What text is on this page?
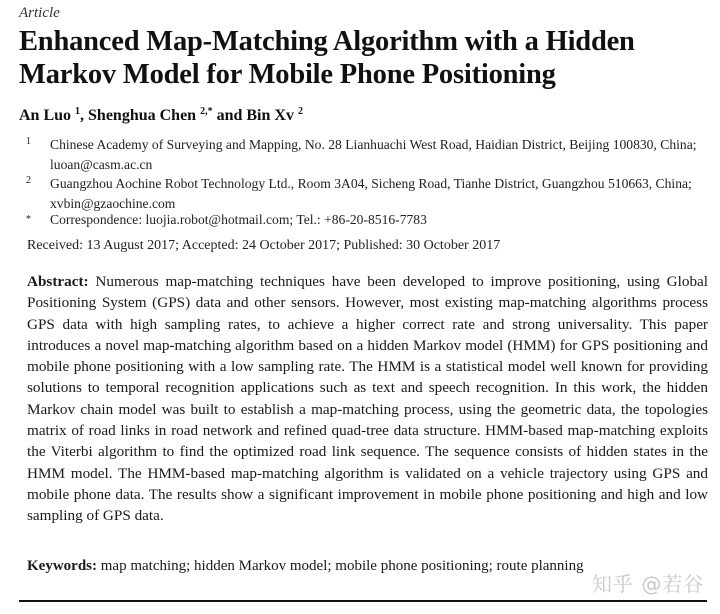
Article
Enhanced Map-Matching Algorithm with a Hidden Markov Model for Mobile Phone Positioning
An Luo $^1$, Shenghua Chen $^{2,*}$ and Bin Xv $^2$
1	Chinese Academy of Surveying and Mapping, No. 28 Lianhuachi West Road, Haidian District, Beijing 100830, China; luoan@casm.ac.cn
2	Guangzhou Aochine Robot Technology Ltd., Room 3A04, Sicheng Road, Tianhe District, Guangzhou 510663, China; xvbin@gzaochine.com
*	Correspondence: luojia.robot@hotmail.com; Tel.: +86-20-8516-7783
Received: 13 August 2017; Accepted: 24 October 2017; Published: 30 October 2017
Abstract: Numerous map-matching techniques have been developed to improve positioning, using Global Positioning System (GPS) data and other sensors. However, most existing map-matching algorithms process GPS data with high sampling rates, to achieve a higher correct rate and strong universality. This paper introduces a novel map-matching algorithm based on a hidden Markov model (HMM) for GPS positioning and mobile phone positioning with a low sampling rate. The HMM is a statistical model well known for providing solutions to temporal recognition applications such as text and speech recognition. In this work, the hidden Markov chain model was built to establish a map-matching process, using the geometric data, the topologies matrix of road links in road network and refined quad-tree data structure. HMM-based map-matching exploits the Viterbi algorithm to find the optimized road link sequence. The sequence consists of hidden states in the HMM model. The HMM-based map-matching algorithm is validated on a vehicle trajectory using GPS and mobile phone data. The results show a significant improvement in mobile phone positioning and high and low sampling of GPS data.
Keywords: map matching; hidden Markov model; mobile phone positioning; route planning
知乎 @若谷
